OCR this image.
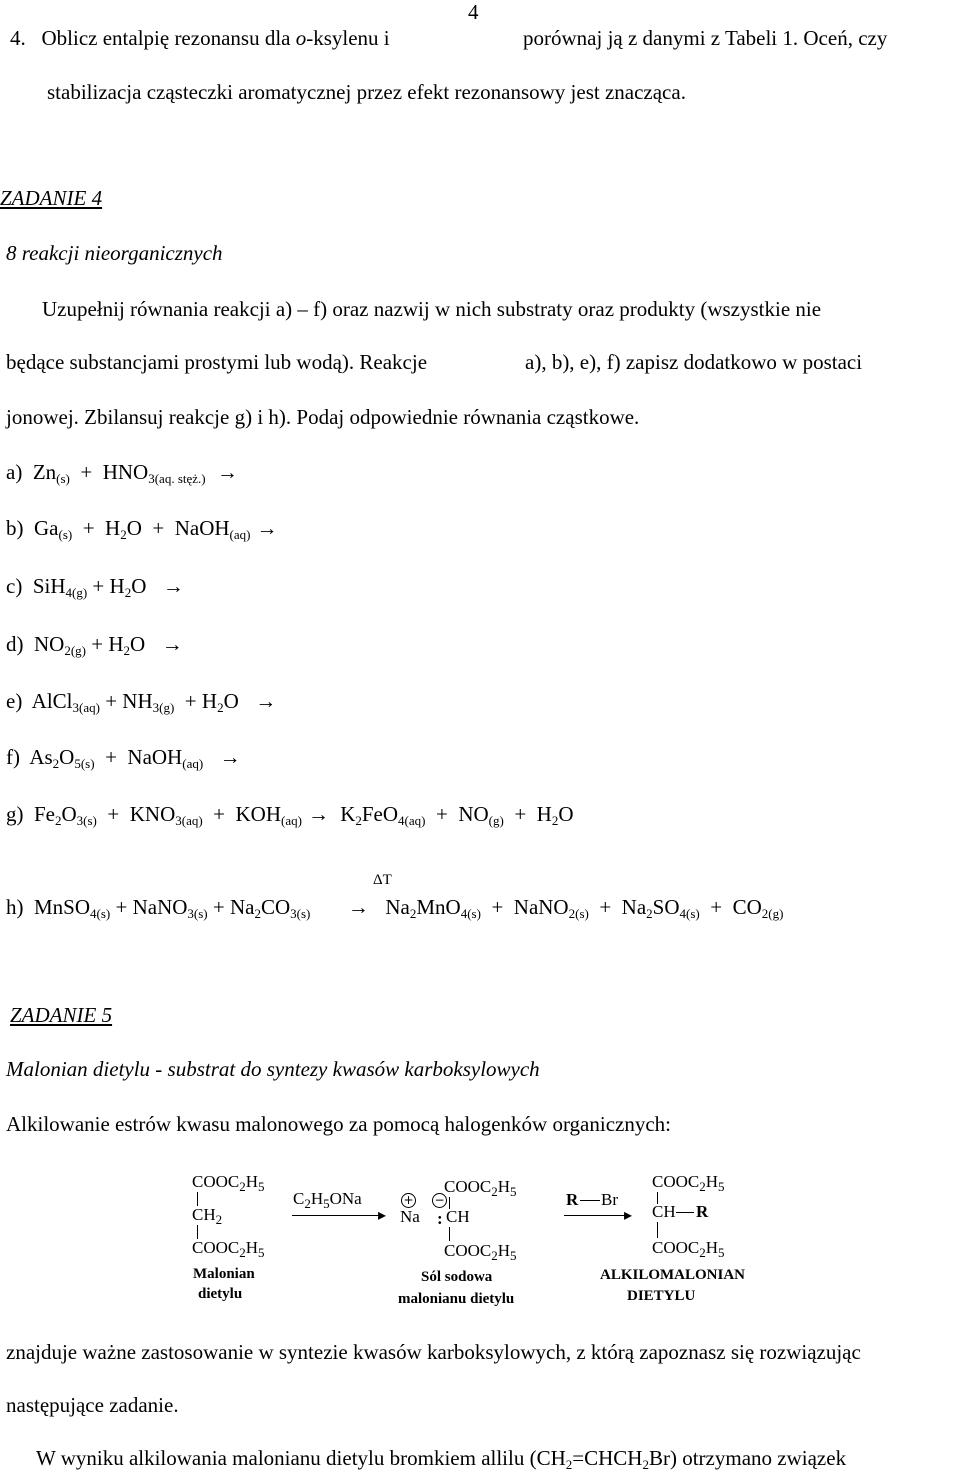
4
4. Oblicz entalpię rezonansu dla o-ksylenu i	porównaj ją z danymi z Tabeli 1. Oceń, czy
stabilizacja cząsteczki aromatycznej przez efekt rezonansowy jest znacząca.
ZADANIE 4
8 reakcji nieorganicznych
Uzupełnij równania reakcji a) – f) oraz nazwij w nich substraty oraz produkty (wszystkie nie
będące substancjami prostymi lub wodą). Reakcje	a), b), e), f) zapisz dodatkowo w postaci
jonowej. Zbilansuj reakcje g) i h). Podaj odpowiednie równania cząstkowe.
a)  $Zn_{(s)} + HNO_{3(aq. stęż.)}$ →
b)  $Ga_{(s)} + H_2O$  +  NaOH$_{(aq)}$ →
c)  $SiH_{4(g)} + H_2O$  →
d)  $NO_{2(g)} + H_2O$  →
e)  AlCl$_{3(aq)}$ + $NH_{3(g)} + H_2O$  →
f)  $As_2O_{5(s)}$  +  NaOH$_{(aq)}$ →
g)  $Fe_2O_{3(s)} + KNO_{3(aq)} + KOH_{(aq)} \to K_2FeO_{4(aq)} + NO_{(g)} + H_2O$
ΔT
h)  MnSO$_{4(s)}$ + NaNO$_{3(s)}$ + $Na_2CO_{3(s)} \to Na_2MnO_{4(s)}$  +  NaNO$_{2(s)}$  +  $Na_2SO_{4(s)} + CO_{2(g)}$
ZADANIE 5
Malonian dietylu - substrat do syntezy kwasów karboksylowych
Alkilowanie estrów kwasu malonowego za pomocą halogenków organicznych:
$COOC_2H_5$
$CH_2$
$COOC_2H_5$
Malonian
dietylu
$C_2H_5ONa$
▸
+ −
$COOC_2H_5$
Na : CH
$COOC_2H_5$
Sól sodowa
malonianu dietylu
R Br
▸
$COOC_2H_5$
CH R
$COOC_2H_5$
ALKILOMALONIAN
DIETYLU
znajduje ważne zastosowanie w syntezie kwasów karboksylowych, z którą zapoznasz się rozwiązując
następujące zadanie.
W wyniku alkilowania malonianu dietylu bromkiem allilu $(CH_2=CHCH_2Br)$ otrzymano związek
